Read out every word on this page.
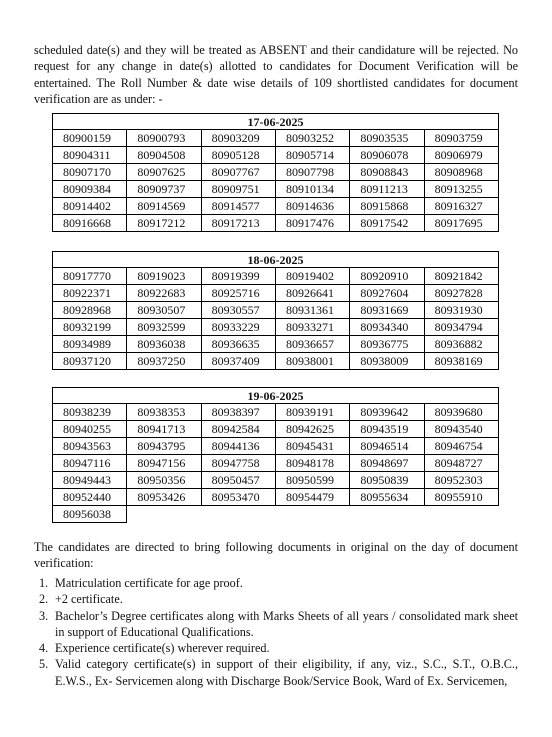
scheduled date(s) and they will be treated as ABSENT and their candidature will be rejected. No request for any change in date(s) allotted to candidates for Document Verification will be entertained. The Roll Number & date wise details of 109 shortlisted candidates for document verification are as under: -

17-06-2025					
80900159	80900793	80903209	80903252	80903535	80903759
80904311	80904508	80905128	80905714	80906078	80906979
80907170	80907625	80907767	80907798	80908843	80908968
80909384	80909737	80909751	80910134	80911213	80913255
80914402	80914569	80914577	80914636	80915868	80916327
80916668	80917212	80917213	80917476	80917542	80917695
18-06-2025					
80917770	80919023	80919399	80919402	80920910	80921842
80922371	80922683	80925716	80926641	80927604	80927828
80928968	80930507	80930557	80931361	80931669	80931930
80932199	80932599	80933229	80933271	80934340	80934794
80934989	80936038	80936635	80936657	80936775	80936882
80937120	80937250	80937409	80938001	80938009	80938169
19-06-2025					
80938239	80938353	80938397	80939191	80939642	80939680
80940255	80941713	80942584	80942625	80943519	80943540
80943563	80943795	80944136	80945431	80946514	80946754
80947116	80947156	80947758	80948178	80948697	80948727
80949443	80950356	80950457	80950599	80950839	80952303
80952440	80953426	80953470	80954479	80955634	80955910
80956038					

The candidates are directed to bring following documents in original on the day of document verification:

1. Matriculation certificate for age proof.
2. +2 certificate.
3. Bachelor’s Degree certificates along with Marks Sheets of all years / consolidated mark sheet in support of Educational Qualifications.
4. Experience certificate(s) wherever required.
5. Valid category certificate(s) in support of their eligibility, if any, viz., S.C., S.T., O.B.C., E.W.S., Ex- Servicemen along with Discharge Book/Service Book, Ward of Ex. Servicemen,
